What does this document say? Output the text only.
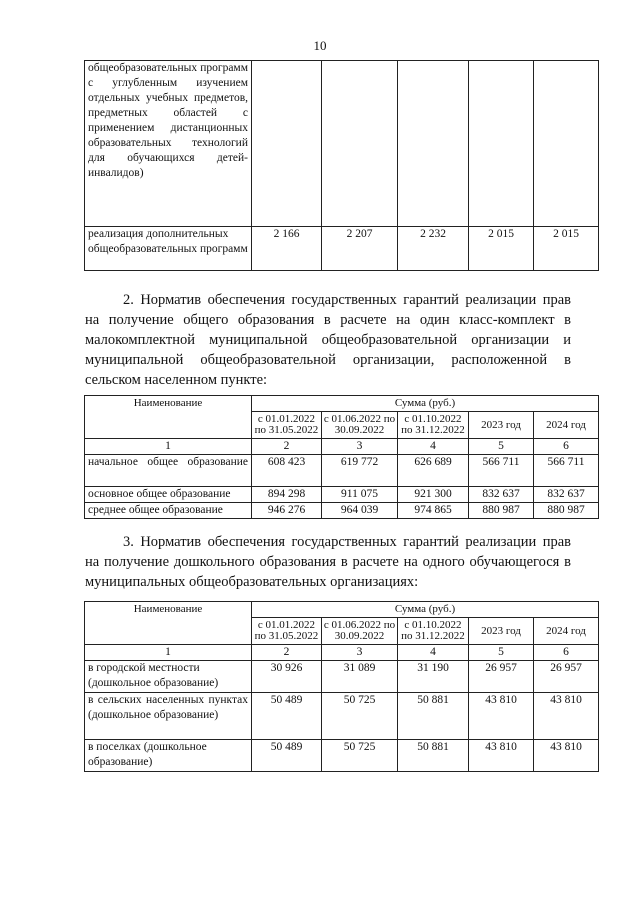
10
общеобразовательных программ с углубленным изучением отдельных учебных предметов, предметных областей с применением дистанционных образовательных технологий для обучающихся детей-инвалидов)					
реализация дополнительных общеобразовательных программ	2 166	2 207	2 232	2 015	2 015
2. Норматив обеспечения государственных гарантий реализации прав на получение общего образования в расчете на один класс-комплект в малокомплектной муниципальной общеобразовательной организации и муниципальной общеобразовательной организации, расположенной в сельском населенном пункте:
Наименование	Сумма (руб.)				
	с 01.01.2022 по 31.05.2022	с 01.06.2022 по 30.09.2022	с 01.10.2022 по 31.12.2022	2023 год	2024 год
1	2	3	4	5	6
начальное общее образование	608 423	619 772	626 689	566 711	566 711
основное общее образование	894 298	911 075	921 300	832 637	832 637
среднее общее образование	946 276	964 039	974 865	880 987	880 987
3. Норматив обеспечения государственных гарантий реализации прав на получение дошкольного образования в расчете на одного обучающегося в муниципальных общеобразовательных организациях:
Наименование	Сумма (руб.)				
	с 01.01.2022 по 31.05.2022	с 01.06.2022 по 30.09.2022	с 01.10.2022 по 31.12.2022	2023 год	2024 год
1	2	3	4	5	6
в городской местности (дошкольное образование)	30 926	31 089	31 190	26 957	26 957
в сельских населенных пунктах (дошкольное образование)	50 489	50 725	50 881	43 810	43 810
в поселках (дошкольное образование)	50 489	50 725	50 881	43 810	43 810
